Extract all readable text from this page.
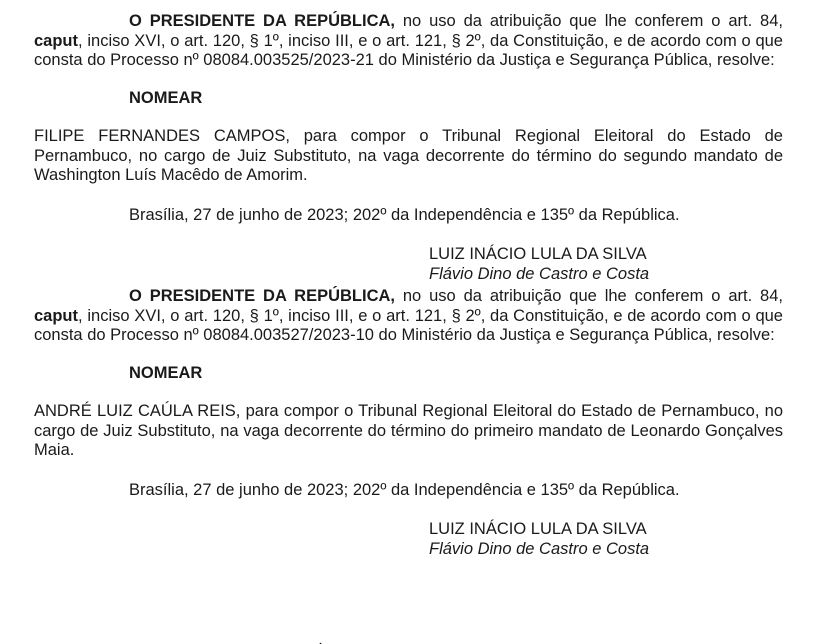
O PRESIDENTE DA REPÚBLICA, no uso da atribuição que lhe conferem o art. 84, caput, inciso XVI, o art. 120, § 1º, inciso III, e o art. 121, § 2º, da Constituição, e de acordo com o que consta do Processo nº 08084.003525/2023-21 do Ministério da Justiça e Segurança Pública, resolve:

NOMEAR

FILIPE FERNANDES CAMPOS, para compor o Tribunal Regional Eleitoral do Estado de Pernambuco, no cargo de Juiz Substituto, na vaga decorrente do término do segundo mandato de Washington Luís Macêdo de Amorim.

Brasília, 27 de junho de 2023; 202º da Independência e 135º da República.

LUIZ INÁCIO LULA DA SILVA
Flávio Dino de Castro e Costa

O PRESIDENTE DA REPÚBLICA, no uso da atribuição que lhe conferem o art. 84, caput, inciso XVI, o art. 120, § 1º, inciso III, e o art. 121, § 2º, da Constituição, e de acordo com o que consta do Processo nº 08084.003527/2023-10 do Ministério da Justiça e Segurança Pública, resolve:

NOMEAR

ANDRÉ LUIZ CAÚLA REIS, para compor o Tribunal Regional Eleitoral do Estado de Pernambuco, no cargo de Juiz Substituto, na vaga decorrente do término do primeiro mandato de Leonardo Gonçalves Maia.

Brasília, 27 de junho de 2023; 202º da Independência e 135º da República.

LUIZ INÁCIO LULA DA SILVA
Flávio Dino de Castro e Costa
